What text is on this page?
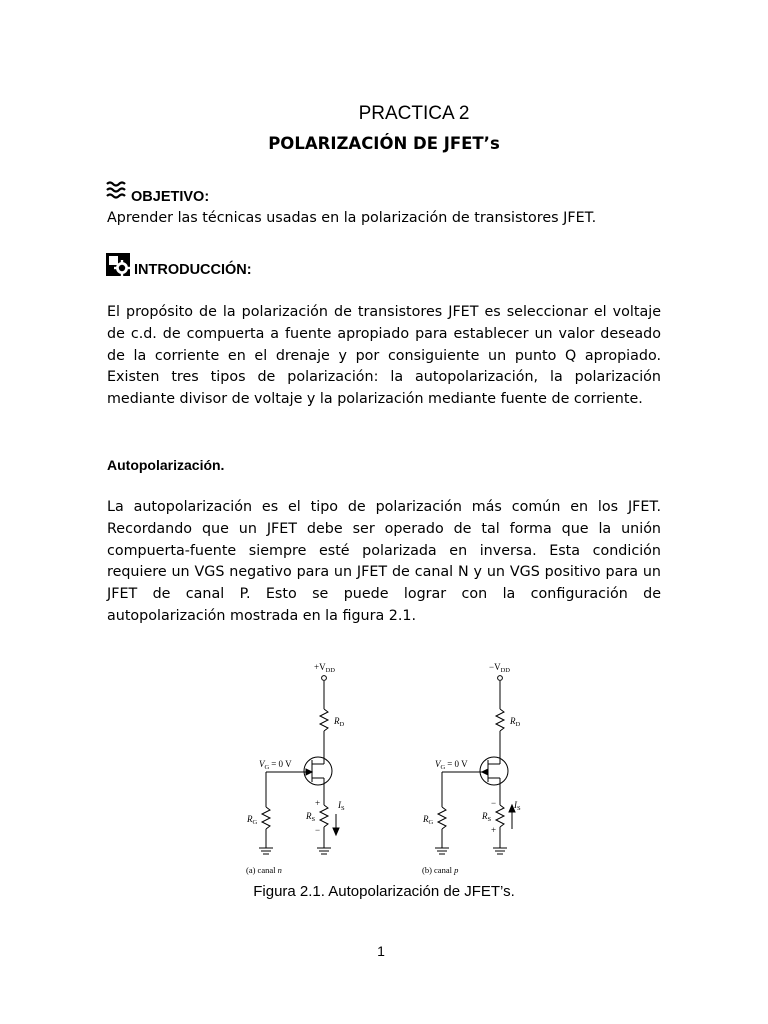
PRACTICA 2
POLARIZACIÓN DE JFET’s
OBJETIVO:
Aprender las técnicas usadas en la polarización de transistores JFET.
INTRODUCCIÓN:
El propósito de la polarización de transistores JFET es seleccionar el voltaje de c.d. de compuerta a fuente apropiado para establecer un valor deseado de la corriente en el drenaje y por consiguiente un punto Q apropiado. Existen tres tipos de polarización: la autopolarización, la polarización mediante divisor de voltaje y la polarización mediante fuente de corriente.
Autopolarización.
La autopolarización es el tipo de polarización más común en los JFET. Recordando que un JFET debe ser operado de tal forma que la unión compuerta-fuente siempre esté polarizada en inversa. Esta condición requiere un VGS negativo para un JFET de canal N y un VGS positivo para un JFET de canal P. Esto se puede lograr con la configuración de autopolarización mostrada en la figura 2.1.
$+V_{DD}$
$R_D$
$V_G = 0$ V
$R_G$
$R_S$
$I_S$
+
−
(a) canal n
$-V_{DD}$
$R_D$
$V_G = 0$ V
$R_G$
$R_S$
$I_S$
−
+
(b) canal p
Figura 2.1. Autopolarización de JFET’s.
1
